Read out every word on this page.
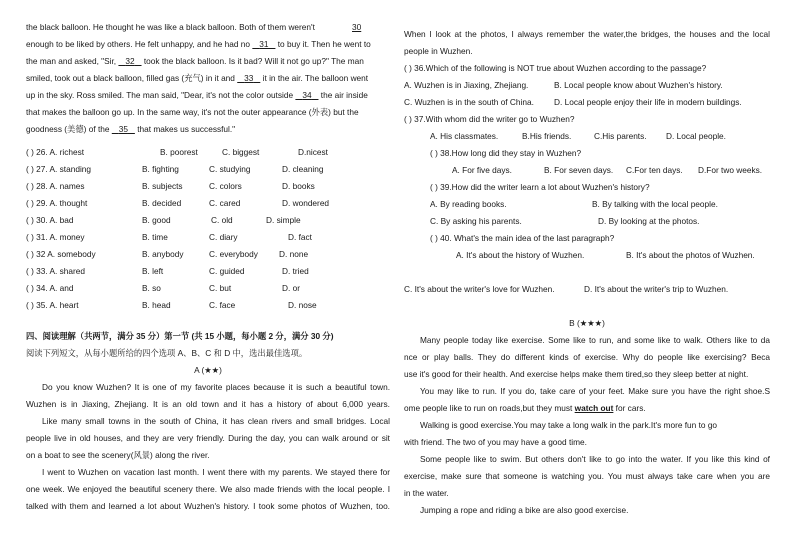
the black balloon. He thought he was like a black balloon. Both of them weren't	30
enough to be liked by others. He felt unhappy, and he had no 31 to buy it. Then he went to
the man and asked, "Sir, 32 took the black balloon. Is it bad? Will it not go up?" The man
smiled, took out a black balloon, filled gas (充气) in it and 33 it in the air. The balloon went
up in the sky. Ross smiled. The man said, "Dear, it's not the color outside 34 the air inside
that makes the balloon go up. In the same way, it's not the outer appearance (外表) but the
goodness (美德) of the 35 that makes us successful."
( ) 26. A. richest	B. poorest	C. biggest	D.nicest
( ) 27. A. standing	B. fighting	C. studying	D. cleaning
( ) 28. A. names	B. subjects	C. colors	D. books
( ) 29. A. thought	B. decided	C. cared	D. wondered
( ) 30. A. bad	B. good	C. old	D. simple
( ) 31. A. money	B. time	C. diary	D. fact
( ) 32 A. somebody	B. anybody	C. everybody	D. none
( ) 33. A. shared	B. left	C. guided	D. tried
( ) 34. A. and	B. so	C. but	D. or
( ) 35. A. heart	B. head	C. face	D. nose
四、阅读理解（共两节，满分 35 分）第一节 (共 15 小题，每小题 2 分，满分 30 分)
阅读下列短文，从每小题所给的四个选项 A、B、C 和 D 中，选出最佳选项。
A (★★)
Do you know Wuzhen? It is one of my favorite places because it is such a beautiful town.
Wuzhen is in Jiaxing, Zhejiang. It is an old town and it has a history of about 6,000 years.
Like many small towns in the south of China, it has clean rivers and small bridges. Local
people live in old houses, and they are very friendly. During the day, you can walk around or sit
on a boat to see the scenery(风景) along the river.
I went to Wuzhen on vacation last month. I went there with my parents. We stayed there for
one week. We enjoyed the beautiful scenery there. We also made friends with the local people. I
talked with them and learned a lot about Wuzhen's history. I took some photos of Wuzhen, too.
When I look at the photos, I always remember the water,the bridges, the houses and the local
people in Wuzhen.
( ) 36.Which of the following is NOT true about Wuzhen according to the passage?
A. Wuzhen is in Jiaxing, Zhejiang.	B. Local people know about Wuzhen's history.
C. Wuzhen is in the south of China. D. Local people enjoy their life in modern buildings.
( ) 37.With whom did the writer go to Wuzhen?
A. His classmates.	B.His friends.	C.His parents. D. Local people.
( ) 38.How long did they stay in Wuzhen?
A. For five days.	B. For seven days. C.For ten days. D.For two weeks.
( ) 39.How did the writer learn a lot about Wuzhen's history?
A. By reading books.	B. By talking with the local people.
C. By asking his parents.	D. By looking at the photos.
( ) 40. What's the main idea of the last paragraph?
A. It's about the history of Wuzhen.	B. It's about the photos of Wuzhen.
C. It's about the writer's love for Wuzhen.	D. It's about the writer's trip to Wuzhen.
B (★★★)
Many people today like exercise. Some like to run, and some like to walk. Others like to da
nce or play balls. They do different kinds of exercise. Why do people like exercising? Beca
use it's good for their health. And exercise helps make them tired,so they sleep better at night.
You may like to run. If you do, take care of your feet. Make sure you have the right shoe.S
ome people like to run on roads,but they must watch out for cars.
Walking is good exercise.You may take a long walk in the park.It's more fun to go
with friend. The two of you may have a good time.
Some people like to swim. But others don't like to go into the water. If you like this kind of
exercise, make sure that someone is watching you. You must always take care when you are
in the water.
Jumping a rope and riding a bike are also good exercise.
